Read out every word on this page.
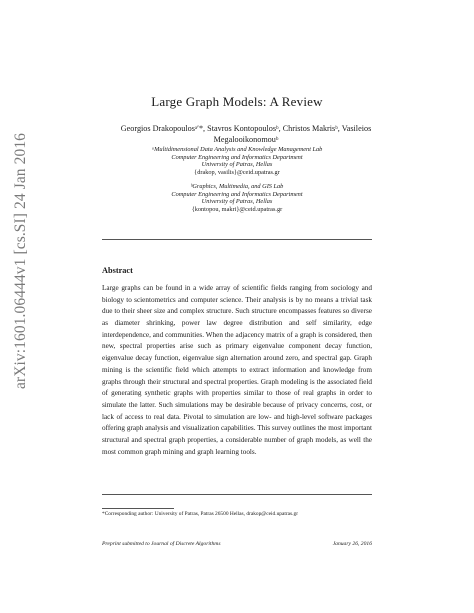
arXiv:1601.06444v1 [cs.SI] 24 Jan 2016
Large Graph Models: A Review
Georgios Drakopoulosᵃ′*, Stavros Kontopoulosᵇ, Christos Makrisᵇ, Vasileios Megalooikonomouᵇ
ᵃMultidimensional Data Analysis and Knowledge Management Lab
Computer Engineering and Informatics Department
University of Patras, Hellas
{drakop, vasilis}@ceid.upatras.gr
ᵇGraphics, Multimedia, and GIS Lab
Computer Engineering and Informatics Department
University of Patras, Hellas
{kontopou, makri}@ceid.upatras.gr
Abstract
Large graphs can be found in a wide array of scientific fields ranging from sociology and biology to scientometrics and computer science. Their analysis is by no means a trivial task due to their sheer size and complex structure. Such structure encompasses features so diverse as diameter shrinking, power law degree distribution and self similarity, edge interdependence, and communities. When the adjacency matrix of a graph is considered, then new, spectral properties arise such as primary eigenvalue component decay function, eigenvalue decay function, eigenvalue sign alternation around zero, and spectral gap. Graph mining is the scientific field which attempts to extract information and knowledge from graphs through their structural and spectral properties. Graph modeling is the associated field of generating synthetic graphs with properties similar to those of real graphs in order to simulate the latter. Such simulations may be desirable because of privacy concerns, cost, or lack of access to real data. Pivotal to simulation are low- and high-level software packages offering graph analysis and visualization capabilities. This survey outlines the most important structural and spectral graph properties, a considerable number of graph models, as well the most common graph mining and graph learning tools.
*Corresponding author: University of Patras, Patras 26500 Hellas, drakop@ceid.upatras.gr
Preprint submitted to Journal of Discrete Algorithms	January 26, 2016
